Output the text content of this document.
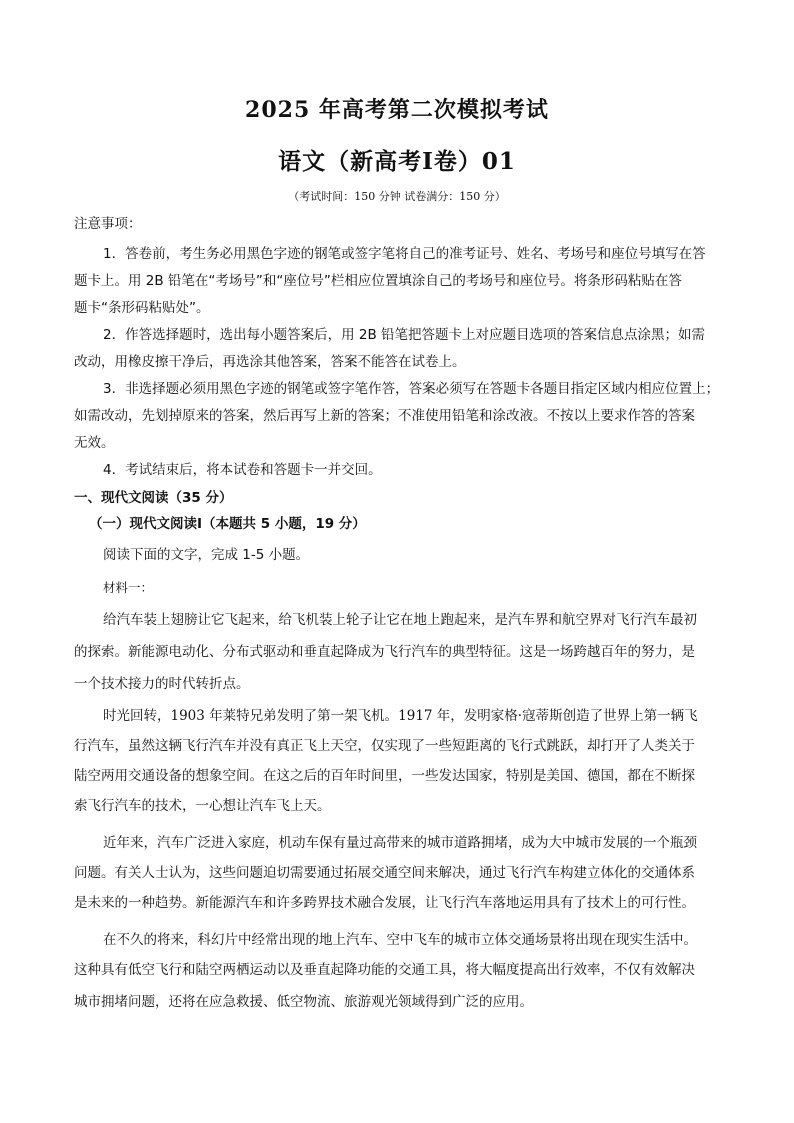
2025 年高考第二次模拟考试
语文（新高考Ⅰ卷）01
（考试时间：150 分钟 试卷满分：150 分）
注意事项：
1．答卷前，考生务必用黑色字迹的钢笔或签字笔将自己的准考证号、姓名、考场号和座位号填写在答
题卡上。用 2B 铅笔在“考场号”和“座位号”栏相应位置填涂自己的考场号和座位号。将条形码粘贴在答
题卡“条形码粘贴处”。
2．作答选择题时，选出每小题答案后，用 2B 铅笔把答题卡上对应题目选项的答案信息点涂黑；如需
改动，用橡皮擦干净后，再选涂其他答案，答案不能答在试卷上。
3．非选择题必须用黑色字迹的钢笔或签字笔作答，答案必须写在答题卡各题目指定区域内相应位置上；
如需改动，先划掉原来的答案，然后再写上新的答案；不准使用铅笔和涂改液。不按以上要求作答的答案
无效。
4．考试结束后，将本试卷和答题卡一并交回。
一、现代文阅读（35 分）
（一）现代文阅读Ⅰ（本题共 5 小题，19 分）
阅读下面的文字，完成 1-5 小题。
材料一：
给汽车装上翅膀让它飞起来，给飞机装上轮子让它在地上跑起来，是汽车界和航空界对飞行汽车最初
的探索。新能源电动化、分布式驱动和垂直起降成为飞行汽车的典型特征。这是一场跨越百年的努力，是
一个技术接力的时代转折点。
时光回转，1903 年莱特兄弟发明了第一架飞机。1917 年，发明家格·寇蒂斯创造了世界上第一辆飞
行汽车，虽然这辆飞行汽车并没有真正飞上天空，仅实现了一些短距离的飞行式跳跃，却打开了人类关于
陆空两用交通设备的想象空间。在这之后的百年时间里，一些发达国家，特别是美国、德国，都在不断探
索飞行汽车的技术，一心想让汽车飞上天。
近年来，汽车广泛进入家庭，机动车保有量过高带来的城市道路拥堵，成为大中城市发展的一个瓶颈
问题。有关人士认为，这些问题迫切需要通过拓展交通空间来解决，通过飞行汽车构建立体化的交通体系
是未来的一种趋势。新能源汽车和许多跨界技术融合发展，让飞行汽车落地运用具有了技术上的可行性。
在不久的将来，科幻片中经常出现的地上汽车、空中飞车的城市立体交通场景将出现在现实生活中。
这种具有低空飞行和陆空两栖运动以及垂直起降功能的交通工具，将大幅度提高出行效率，不仅有效解决
城市拥堵问题，还将在应急救援、低空物流、旅游观光领域得到广泛的应用。
